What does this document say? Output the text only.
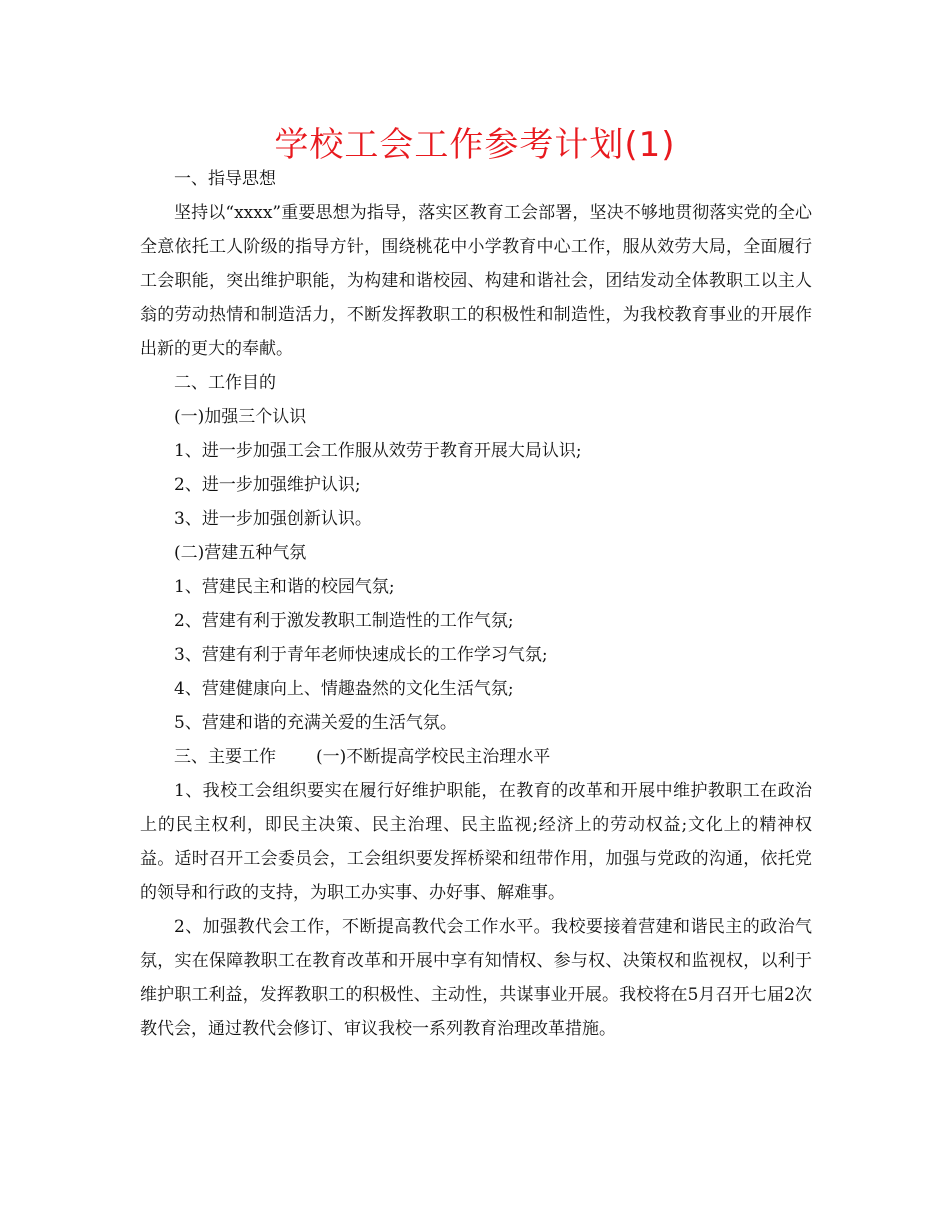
学校工会工作参考计划(1)

一、指导思想

坚持以“xxxx”重要思想为指导，落实区教育工会部署，坚决不够地贯彻落实党的全心全意依托工人阶级的指导方针，围绕桃花中小学教育中心工作，服从效劳大局，全面履行工会职能，突出维护职能，为构建和谐校园、构建和谐社会，团结发动全体教职工以主人翁的劳动热情和制造活力，不断发挥教职工的积极性和制造性，为我校教育事业的开展作出新的更大的奉献。

二、工作目的

(一)加强三个认识

1、进一步加强工会工作服从效劳于教育开展大局认识;

2、进一步加强维护认识;

3、进一步加强创新认识。

(二)营建五种气氛

1、营建民主和谐的校园气氛;

2、营建有利于激发教职工制造性的工作气氛;

3、营建有利于青年老师快速成长的工作学习气氛;

4、营建健康向上、情趣盎然的文化生活气氛;

5、营建和谐的充满关爱的生活气氛。

三、主要工作 (一)不断提高学校民主治理水平

1、我校工会组织要实在履行好维护职能，在教育的改革和开展中维护教职工在政治上的民主权利，即民主决策、民主治理、民主监视;经济上的劳动权益;文化上的精神权益。适时召开工会委员会，工会组织要发挥桥梁和纽带作用，加强与党政的沟通，依托党的领导和行政的支持，为职工办实事、办好事、解难事。

2、加强教代会工作，不断提高教代会工作水平。我校要接着营建和谐民主的政治气氛，实在保障教职工在教育改革和开展中享有知情权、参与权、决策权和监视权，以利于维护职工利益，发挥教职工的积极性、主动性，共谋事业开展。我校将在5月召开七届2次教代会，通过教代会修订、审议我校一系列教育治理改革措施。
